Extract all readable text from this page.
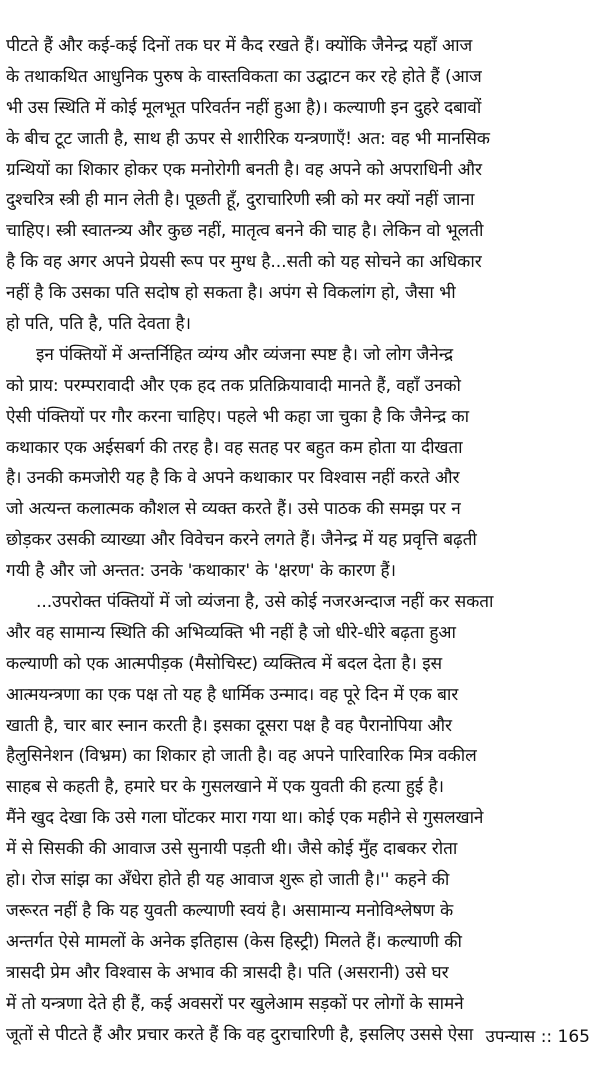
पीटते हैं और कई-कई दिनों तक घर में कैद रखते हैं। क्योंकि जैनेन्द्र यहाँ आज
के तथाकथित आधुनिक पुरुष के वास्तविकता का उद्घाटन कर रहे होते हैं (आज
भी उस स्थिति में कोई मूलभूत परिवर्तन नहीं हुआ है)। कल्याणी इन दुहरे दबावों
के बीच टूट जाती है, साथ ही ऊपर से शारीरिक यन्त्रणाएँ! अत: वह भी मानसिक
ग्रन्थियों का शिकार होकर एक मनोरोगी बनती है। वह अपने को अपराधिनी और
दुश्चरित्र स्त्री ही मान लेती है। पूछती हूँ, दुराचारिणी स्त्री को मर क्यों नहीं जाना
चाहिए। स्त्री स्वातन्त्र्य और कुछ नहीं, मातृत्व बनने की चाह है। लेकिन वो भूलती
है कि वह अगर अपने प्रेयसी रूप पर मुग्ध है...सती को यह सोचने का अधिकार
नहीं है कि उसका पति सदोष हो सकता है। अपंग से विकलांग हो, जैसा भी
हो पति, पति है, पति देवता है।
इन पंक्तियों में अन्तर्निहित व्यंग्य और व्यंजना स्पष्ट है। जो लोग जैनेन्द्र
को प्राय: परम्परावादी और एक हद तक प्रतिक्रियावादी मानते हैं, वहाँ उनको
ऐसी पंक्तियों पर गौर करना चाहिए। पहले भी कहा जा चुका है कि जैनेन्द्र का
कथाकार एक अईसबर्ग की तरह है। वह सतह पर बहुत कम होता या दीखता
है। उनकी कमजोरी यह है कि वे अपने कथाकार पर विश्वास नहीं करते और
जो अत्यन्त कलात्मक कौशल से व्यक्त करते हैं। उसे पाठक की समझ पर न
छोड़कर उसकी व्याख्या और विवेचन करने लगते हैं। जैनेन्द्र में यह प्रवृत्ति बढ़ती
गयी है और जो अन्तत: उनके 'कथाकार' के 'क्षरण' के कारण हैं।
...उपरोक्त पंक्तियों में जो व्यंजना है, उसे कोई नजरअन्दाज नहीं कर सकता
और वह सामान्य स्थिति की अभिव्यक्ति भी नहीं है जो धीरे-धीरे बढ़ता हुआ
कल्याणी को एक आत्मपीड़क (मैसोचिस्ट) व्यक्तित्व में बदल देता है। इस
आत्मयन्त्रणा का एक पक्ष तो यह है धार्मिक उन्माद। वह पूरे दिन में एक बार
खाती है, चार बार स्नान करती है। इसका दूसरा पक्ष है वह पैरानोपिया और
हैलुसिनेशन (विभ्रम) का शिकार हो जाती है। वह अपने पारिवारिक मित्र वकील
साहब से कहती है, हमारे घर के गुसलखाने में एक युवती की हत्या हुई है।
मैंने खुद देखा कि उसे गला घोंटकर मारा गया था। कोई एक महीने से गुसलखाने
में से सिसकी की आवाज उसे सुनायी पड़ती थी। जैसे कोई मुँह दाबकर रोता
हो। रोज सांझ का अँधेरा होते ही यह आवाज शुरू हो जाती है।'' कहने की
जरूरत नहीं है कि यह युवती कल्याणी स्वयं है। असामान्य मनोविश्लेषण के
अन्तर्गत ऐसे मामलों के अनेक इतिहास (केस हिस्ट्री) मिलते हैं। कल्याणी की
त्रासदी प्रेम और विश्वास के अभाव की त्रासदी है। पति (असरानी) उसे घर
में तो यन्त्रणा देते ही हैं, कई अवसरों पर खुलेआम सड़कों पर लोगों के सामने
जूतों से पीटते हैं और प्रचार करते हैं कि वह दुराचारिणी है, इसलिए उससे ऐसा उपन्यास :: 165
